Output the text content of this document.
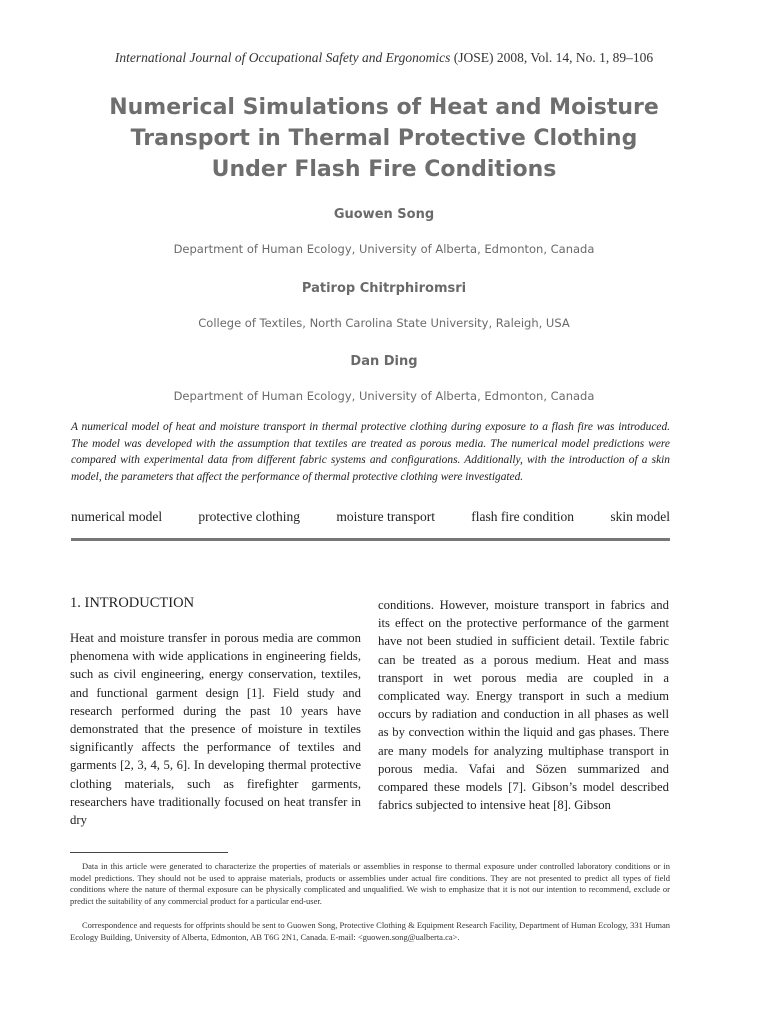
International Journal of Occupational Safety and Ergonomics (JOSE) 2008, Vol. 14, No. 1, 89–106
Numerical Simulations of Heat and Moisture
Transport in Thermal Protective Clothing
Under Flash Fire Conditions
Guowen Song
Department of Human Ecology, University of Alberta, Edmonton, Canada
Patirop Chitrphiromsri
College of Textiles, North Carolina State University, Raleigh, USA
Dan Ding
Department of Human Ecology, University of Alberta, Edmonton, Canada

A numerical model of heat and moisture transport in thermal protective clothing during exposure to a flash fire was introduced. The model was developed with the assumption that textiles are treated as porous media. The numerical model predictions were compared with experimental data from different fabric systems and configurations. Additionally, with the introduction of a skin model, the parameters that affect the performance of thermal protective clothing were investigated.

numerical model	protective clothing	moisture transport	flash fire condition	skin model
1. INTRODUCTION

Heat and moisture transfer in porous media are common phenomena with wide applications in engineering fields, such as civil engineering, energy conservation, textiles, and functional garment design [1]. Field study and research performed during the past 10 years have demonstrated that the presence of moisture in textiles significantly affects the performance of textiles and garments [2, 3, 4, 5, 6]. In developing thermal protective clothing materials, such as firefighter garments, researchers have traditionally focused on heat transfer in dry

conditions. However, moisture transport in fabrics and its effect on the protective performance of the garment have not been studied in sufficient detail. Textile fabric can be treated as a porous medium. Heat and mass transport in wet porous media are coupled in a complicated way. Energy transport in such a medium occurs by radiation and conduction in all phases as well as by convection within the liquid and gas phases. There are many models for analyzing multiphase transport in porous media. Vafai and Sözen summarized and compared these models [7]. Gibson’s model described fabrics subjected to intensive heat [8]. Gibson

Data in this article were generated to characterize the properties of materials or assemblies in response to thermal exposure under controlled laboratory conditions or in model predictions. They should not be used to appraise materials, products or assemblies under actual fire conditions. They are not presented to predict all types of field conditions where the nature of thermal exposure can be physically complicated and unqualified. We wish to emphasize that it is not our intention to recommend, exclude or predict the suitability of any commercial product for a particular end-user.

Correspondence and requests for offprints should be sent to Guowen Song, Protective Clothing & Equipment Research Facility, Department of Human Ecology, 331 Human Ecology Building, University of Alberta, Edmonton, AB T6G 2N1, Canada. E-mail: <guowen.song@ualberta.ca>.
